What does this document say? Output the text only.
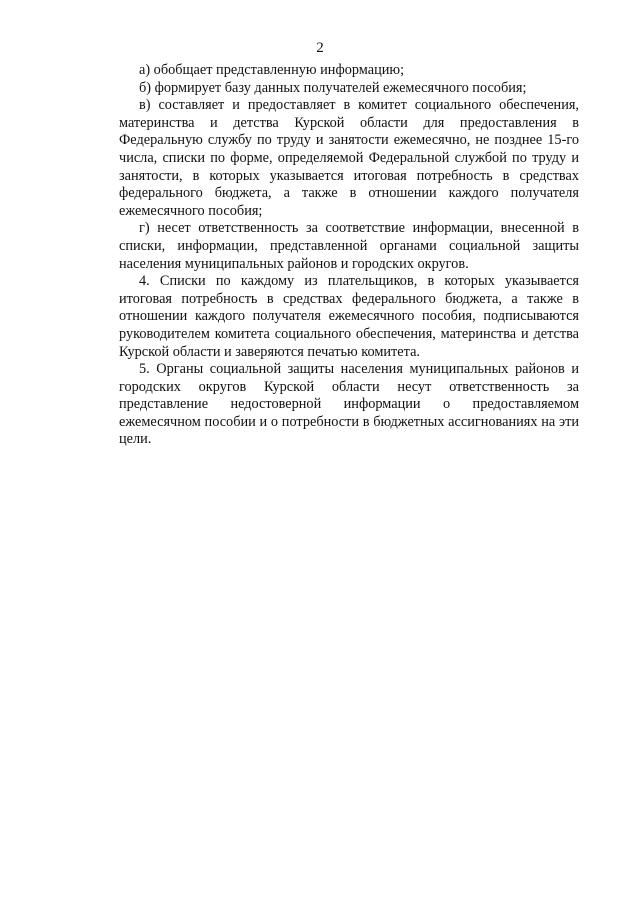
2

а) обобщает представленную информацию;

б) формирует базу данных получателей ежемесячного пособия;

в) составляет и предоставляет в комитет социального обеспечения, материнства и детства Курской области для предоставления в Федеральную службу по труду и занятости ежемесячно, не позднее 15-го числа, списки по форме, определяемой Федеральной службой по труду и занятости, в которых указывается итоговая потребность в средствах федерального бюджета, а также в отношении каждого получателя ежемесячного пособия;

г) несет ответственность за соответствие информации, внесенной в списки, информации, представленной органами социальной защиты населения муниципальных районов и городских округов.

4. Списки по каждому из плательщиков, в которых указывается итоговая потребность в средствах федерального бюджета, а также в отношении каждого получателя ежемесячного пособия, подписываются руководителем комитета социального обеспечения, материнства и детства Курской области и заверяются печатью комитета.

5. Органы социальной защиты населения муниципальных районов и городских округов Курской области несут ответственность за представление недостоверной информации о предоставляемом ежемесячном пособии и о потребности в бюджетных ассигнованиях на эти цели.
